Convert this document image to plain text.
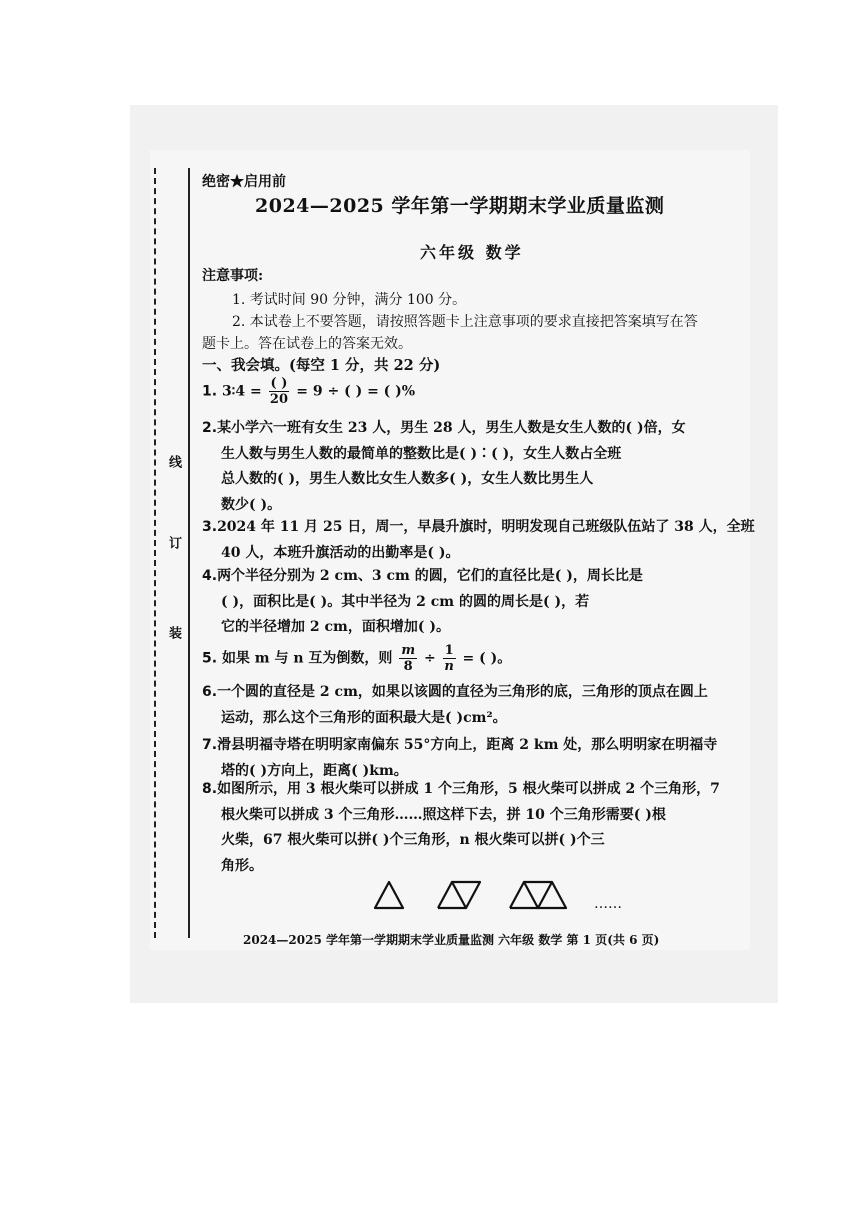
线
订
装
绝密★启用前
2024—2025 学年第一学期期末学业质量监测
六年级 数学
注意事项:
1. 考试时间 90 分钟，满分 100 分。
2. 本试卷上不要答题，请按照答题卡上注意事项的要求直接把答案填写在答
题卡上。答在试卷上的答案无效。
一、我会填。(每空 1 分，共 22 分)
1. 3∶4 = $\frac{( )}{20} = 9$ ÷ ( ) = ( )%
2.某小学六一班有女生 23 人，男生 28 人，男生人数是女生人数的( )倍，女
生人数与男生人数的最简单的整数比是( )∶( )，女生人数占全班
总人数的( )，男生人数比女生人数多( )，女生人数比男生人
数少( )。
3.2024 年 11 月 25 日，周一，早晨升旗时，明明发现自己班级队伍站了 38 人，全班
40 人，本班升旗活动的出勤率是( )。
4.两个半径分别为 2 cm、3 cm 的圆，它们的直径比是( )，周长比是
( )，面积比是( )。其中半径为 2 cm 的圆的周长是( )，若
它的半径增加 2 cm，面积增加( )。
5. 如果 m 与 n 互为倒数，则 $\frac{m}{8} \div \frac{1}{n}$ = ( )。
6.一个圆的直径是 2 cm，如果以该圆的直径为三角形的底，三角形的顶点在圆上
运动，那么这个三角形的面积最大是( )cm²。
7.滑县明福寺塔在明明家南偏东 55°方向上，距离 2 km 处，那么明明家在明福寺
塔的( )方向上，距离( )km。
8.如图所示，用 3 根火柴可以拼成 1 个三角形，5 根火柴可以拼成 2 个三角形，7
根火柴可以拼成 3 个三角形……照这样下去，拼 10 个三角形需要( )根
火柴，67 根火柴可以拼( )个三角形，n 根火柴可以拼( )个三
角形。
……
2024—2025 学年第一学期期末学业质量监测 六年级 数学 第 1 页(共 6 页)
